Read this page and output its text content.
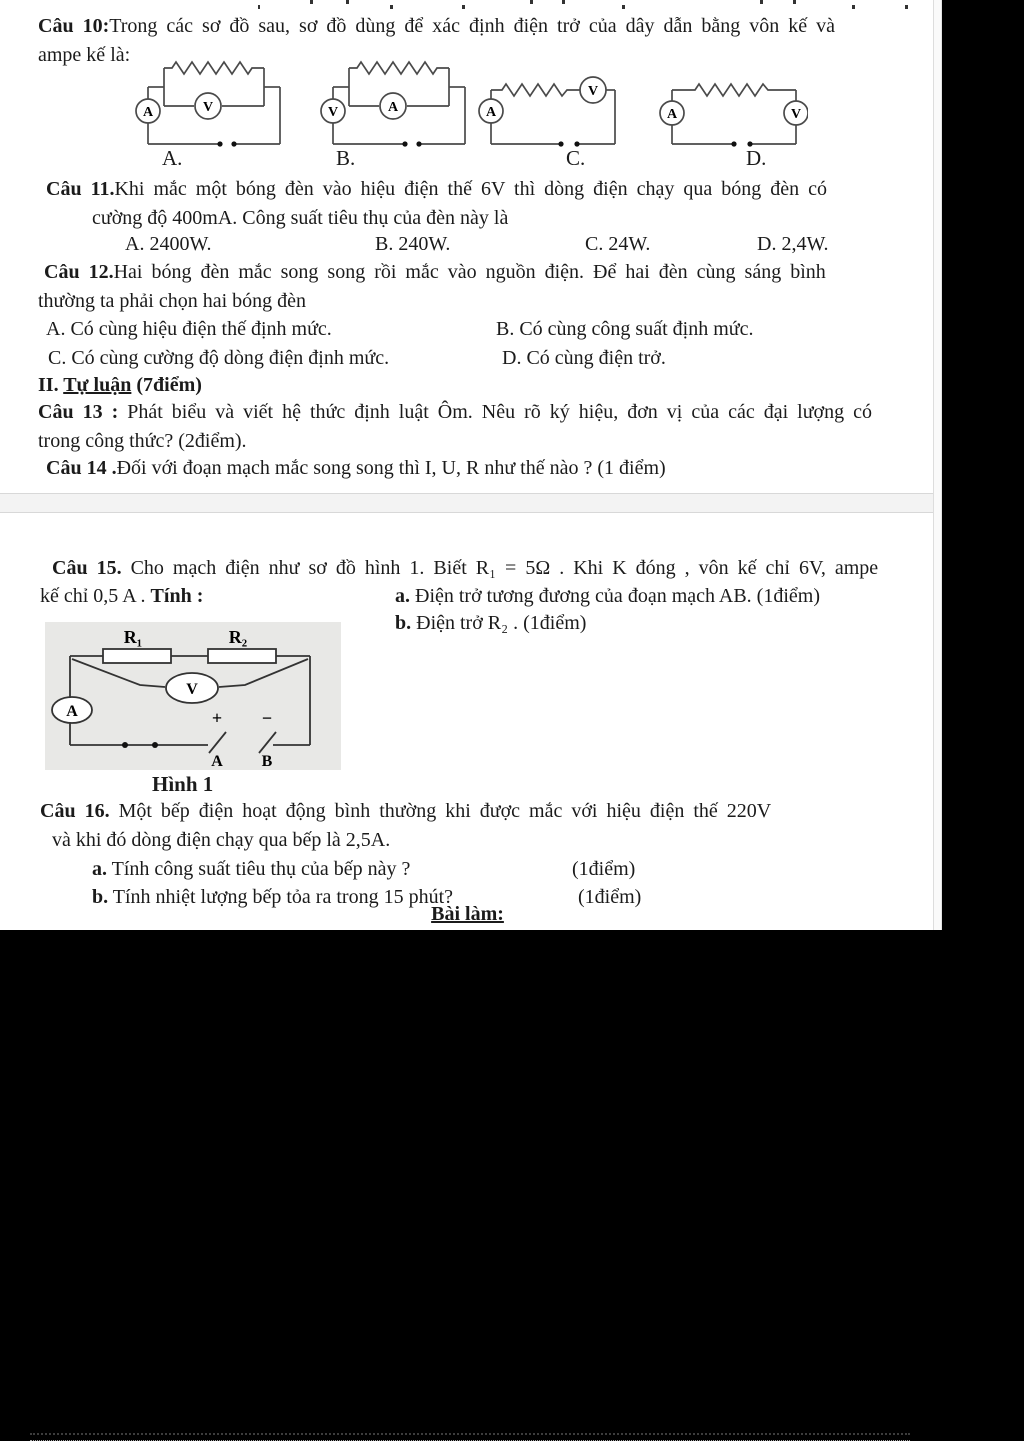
Câu 10:Trong các sơ đồ sau, sơ đồ dùng để xác định điện trở của dây dẫn bằng vôn kế và
ampe kế là:
A	V	V	A	A
V
A	V
A.	B.	C.	D.
Câu 11.Khi mắc một bóng đèn vào hiệu điện thế 6V thì dòng điện chạy qua bóng đèn có
cường độ 400mA. Công suất tiêu thụ của đèn này là
A. 2400W.	B. 240W.	C. 24W.	D. 2,4W.
Câu 12.Hai bóng đèn mắc song song rồi mắc vào nguồn điện. Để hai đèn cùng sáng bình
thường ta phải chọn hai bóng đèn
A. Có cùng hiệu điện thế định mức.	B. Có cùng công suất định mức.
C. Có cùng cường độ dòng điện định mức.	D. Có cùng điện trở.
II. Tự luận (7điểm)
Câu 13 : Phát biểu và viết hệ thức định luật Ôm. Nêu rõ ký hiệu, đơn vị của các đại lượng có
trong công thức? (2điểm).
Câu 14 .Đối với đoạn mạch mắc song song thì I, U, R như thế nào ? (1 điểm)
Câu 15. Cho mạch điện như sơ đồ hình 1. Biết R₁ = 5Ω . Khi K đóng , vôn kế chỉ 6V, ampe
kế chỉ 0,5 A . Tính :	a. Điện trở tương đương của đoạn mạch AB. (1điểm)
b. Điện trở R₂ . (1điểm)
R₁	R₂
A
V
+ −
A B
Hình 1
Câu 16. Một bếp điện hoạt động bình thường khi được mắc với hiệu điện thế 220V
và khi đó dòng điện chạy qua bếp là 2,5A.
a. Tính công suất tiêu thụ của bếp này ?	(1điểm)
b. Tính nhiệt lượng bếp tỏa ra trong 15 phút?	(1điểm)
Bài làm:
